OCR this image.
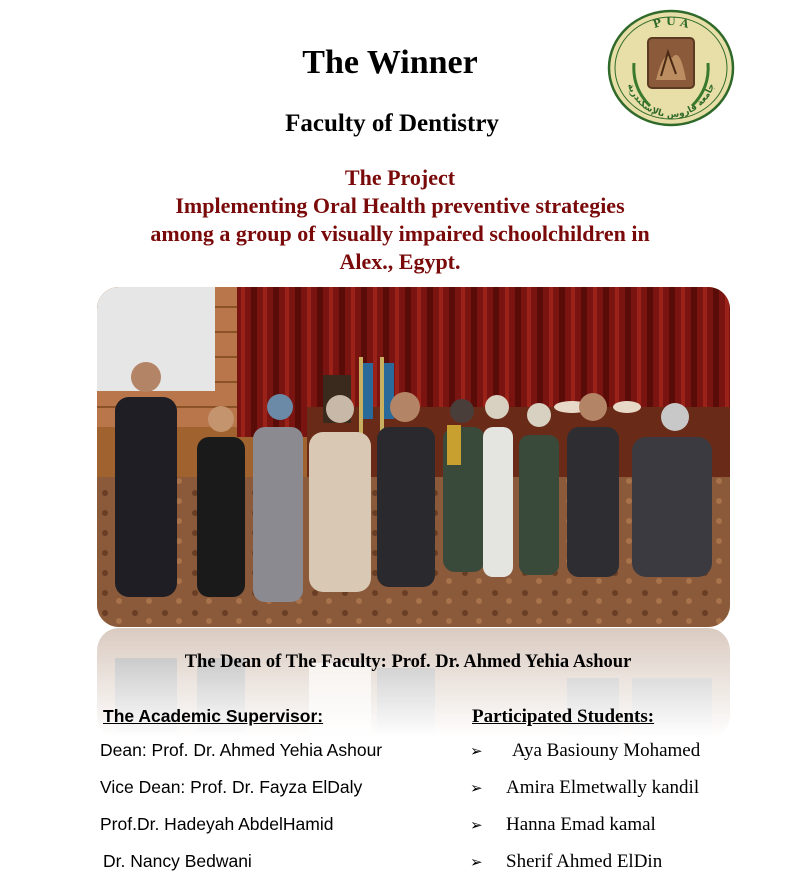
The Winner
Faculty of Dentistry
The Project
Implementing Oral Health preventive strategies
among a group of visually impaired schoolchildren in
Alex., Egypt.
P U A
جامعة فاروس بالإسكندرية
The Dean of The Faculty: Prof. Dr. Ahmed Yehia Ashour
The Academic Supervisor:
Dean: Prof. Dr. Ahmed Yehia Ashour
Vice Dean: Prof. Dr. Fayza ElDaly
Prof.Dr. Hadeyah AbdelHamid
Dr. Nancy Bedwani
Participated Students:
➢ Aya Basiouny Mohamed
➢ Amira Elmetwally kandil
➢ Hanna Emad kamal
➢ Sherif Ahmed ElDin
